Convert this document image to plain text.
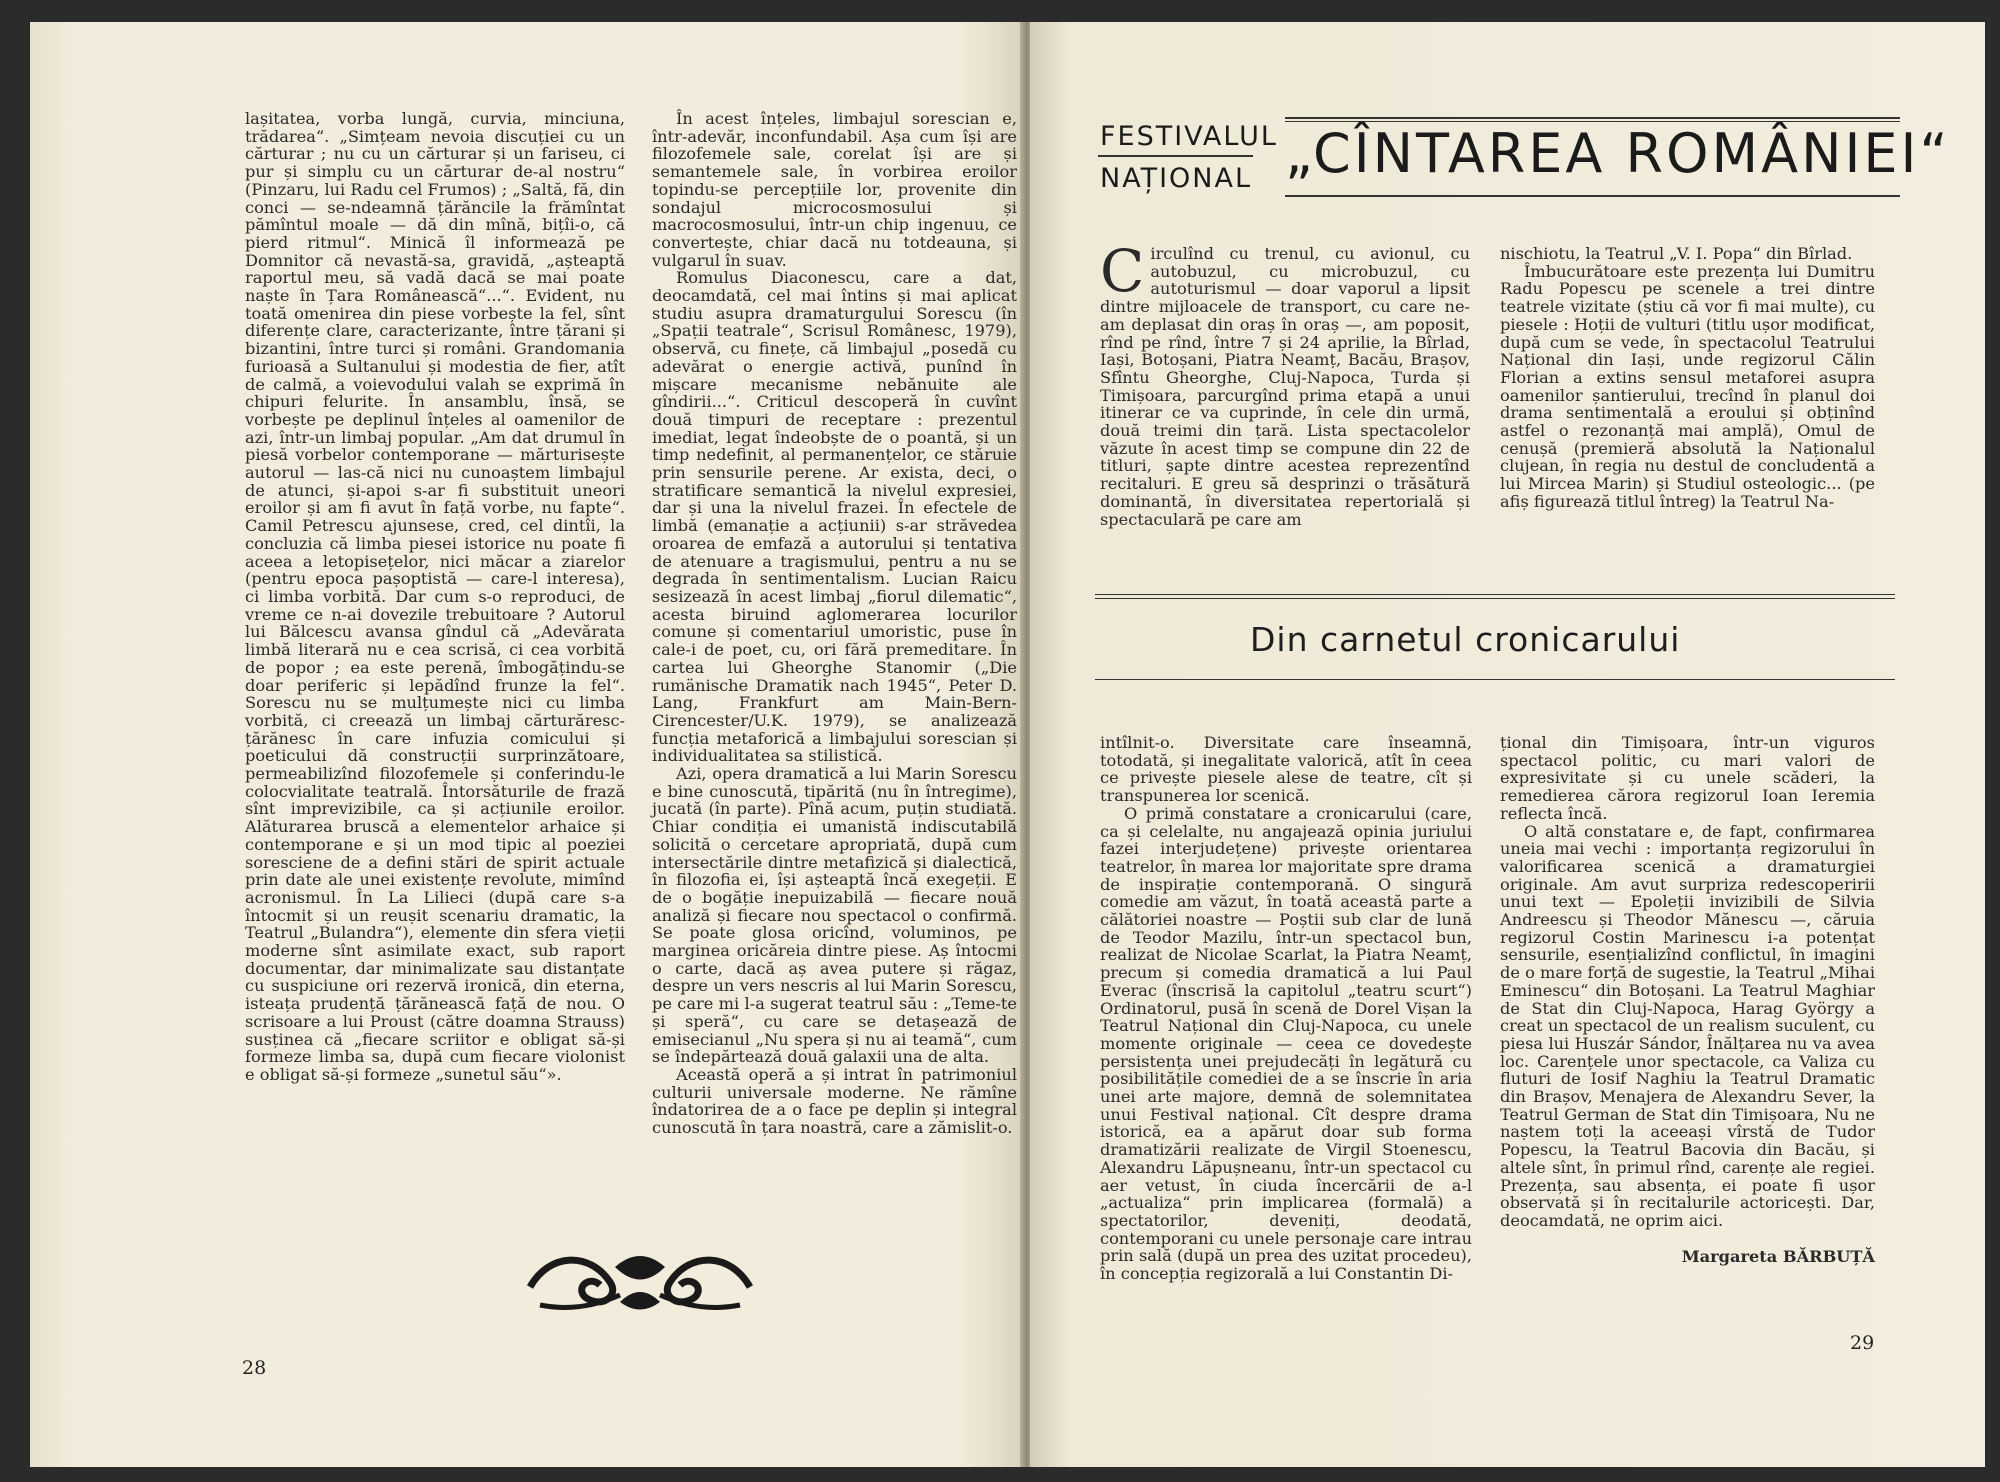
lașitatea, vorba lungă, curvia, minciuna, trădarea“. „Simțeam nevoia discuției cu un cărturar ; nu cu un cărturar și un fariseu, ci pur și simplu cu un cărturar de-al nostru“ (Pinzaru, lui Radu cel Frumos) ; „Saltă, fă, din conci — se-ndeamnă țărăncile la frămîntat pămîntul moale — dă din mînă, bițîi-o, că pierd ritmul“. Minică îl informează pe Domnitor că nevastă-sa, gravidă, „așteaptă raportul meu, să vadă dacă se mai poate naște în Țara Românească“...“. Evident, nu toată omenirea din piese vorbește la fel, sînt diferențe clare, caracterizante, între țărani și bizantini, între turci și români. Grandomania furioasă a Sultanului și modestia de fier, atît de calmă, a voievodului valah se exprimă în chipuri felurite. În ansamblu, însă, se vorbește pe deplinul înțeles al oamenilor de azi, într-un limbaj popular. „Am dat drumul în piesă vorbelor contemporane — mărturisește autorul — las-că nici nu cunoaștem limbajul de atunci, și-apoi s-ar fi substituit uneori eroilor și am fi avut în față vorbe, nu fapte“. Camil Petrescu ajunsese, cred, cel dintîi, la concluzia că limba piesei istorice nu poate fi aceea a letopisețelor, nici măcar a ziarelor (pentru epoca pașoptistă — care-l interesa), ci limba vorbită. Dar cum s-o reproduci, de vreme ce n-ai dovezile trebuitoare ? Autorul lui Bălcescu avansa gîndul că „Adevărata limbă literară nu e cea scrisă, ci cea vorbită de popor ; ea este perenă, îmbogățindu-se doar periferic și lepădînd frunze la fel“. Sorescu nu se mulțumește nici cu limba vorbită, ci creează un limbaj cărturăresc-țărănesc în care infuzia comicului și poeticului dă construcții surprinzătoare, permeabilizînd filozofemele și conferindu-le colocvialitate teatrală. Întorsăturile de frază sînt imprevizibile, ca și acțiunile eroilor. Alăturarea bruscă a elementelor arhaice și contemporane e și un mod tipic al poeziei soresciene de a defini stări de spirit actuale prin date ale unei existențe revolute, mimînd acronismul. În La Lilieci (după care s-a întocmit și un reușit scenariu dramatic, la Teatrul „Bulandra“), elemente din sfera vieții moderne sînt asimilate exact, sub raport documentar, dar minimalizate sau distanțate cu suspiciune ori rezervă ironică, din eterna, isteața prudență țărănească față de nou. O scrisoare a lui Proust (către doamna Strauss) susținea că „fiecare scriitor e obligat să-și formeze limba sa, după cum fiecare violonist e obligat să-și formeze „sunetul său“».

În acest înțeles, limbajul sorescian e, într-adevăr, inconfundabil. Așa cum își are filozofemele sale, corelat își are și semantemele sale, în vorbirea eroilor topindu-se percepțiile lor, provenite din sondajul microcosmosului și macrocosmosului, într-un chip ingenuu, ce convertește, chiar dacă nu totdeauna, și vulgarul în suav.

Romulus Diaconescu, care a dat, deocamdată, cel mai întins și mai aplicat studiu asupra dramaturgului Sorescu (în „Spații teatrale“, Scrisul Românesc, 1979), observă, cu finețe, că limbajul „posedă cu adevărat o energie activă, punînd în mișcare mecanisme nebănuite ale gîndirii...“. Criticul descoperă în cuvînt două timpuri de receptare : prezentul imediat, legat îndeobște de o poantă, și un timp nedefinit, al permanențelor, ce stăruie prin sensurile perene. Ar exista, deci, o stratificare semantică la nivelul expresiei, dar și una la nivelul frazei. În efectele de limbă (emanație a acțiunii) s-ar străvedea oroarea de emfază a autorului și tentativa de atenuare a tragismului, pentru a nu se degrada în sentimentalism. Lucian Raicu sesizează în acest limbaj „fiorul dilematic“, acesta biruind aglomerarea locurilor comune și comentariul umoristic, puse în cale-i de poet, cu, ori fără premeditare. În cartea lui Gheorghe Stanomir („Die rumänische Dramatik nach 1945“, Peter D. Lang, Frankfurt am Main-Bern-Cirencester/U.K. 1979), se analizează funcția metaforică a limbajului sorescian și individualitatea sa stilistică.

Azi, opera dramatică a lui Marin Sorescu e bine cunoscută, tipărită (nu în întregime), jucată (în parte). Pînă acum, puțin studiată. Chiar condiția ei umanistă indiscutabilă solicită o cercetare apropriată, după cum intersectările dintre metafizică și dialectică, în filozofia ei, își așteaptă încă exegeții. E de o bogăție inepuizabilă — fiecare nouă analiză și fiecare nou spectacol o confirmă. Se poate glosa oricînd, voluminos, pe marginea oricăreia dintre piese. Aș întocmi o carte, dacă aș avea putere și răgaz, despre un vers nescris al lui Marin Sorescu, pe care mi l-a sugerat teatrul său : „Teme-te și speră“, cu care se detașează de emisecianul „Nu spera și nu ai teamă“, cum se îndepărtează două galaxii una de alta.

Această operă a și intrat în patrimoniul culturii universale moderne. Ne rămîne îndatorirea de a o face pe deplin și integral cunoscută în țara noastră, care a zămislit-o.

28
FESTIVALUL
NAȚIONAL „CÎNTAREA ROMÂNIEI“

Circulînd cu trenul, cu avionul, cu autobuzul, cu microbuzul, cu autoturismul — doar vaporul a lipsit dintre mijloacele de transport, cu care ne-am deplasat din oraș în oraș —, am poposit, rînd pe rînd, între 7 și 24 aprilie, la Bîrlad, Iași, Botoșani, Piatra Neamț, Bacău, Brașov, Sfîntu Gheorghe, Cluj-Napoca, Turda și Timișoara, parcurgînd prima etapă a unui itinerar ce va cuprinde, în cele din urmă, două treimi din țară. Lista spectacolelor văzute în acest timp se compune din 22 de titluri, șapte dintre acestea reprezentînd recitaluri. E greu să desprinzi o trăsătură dominantă, în diversitatea repertorială și spectaculară pe care am

nischiotu, la Teatrul „V. I. Popa“ din Bîrlad.

Îmbucurătoare este prezența lui Dumitru Radu Popescu pe scenele a trei dintre teatrele vizitate (știu că vor fi mai multe), cu piesele : Hoții de vulturi (titlu ușor modificat, după cum se vede, în spectacolul Teatrului Național din Iași, unde regizorul Călin Florian a extins sensul metaforei asupra oamenilor șantierului, trecînd în planul doi drama sentimentală a eroului și obținînd astfel o rezonanță mai amplă), Omul de cenușă (premieră absolută la Naționalul clujean, în regia nu destul de concludentă a lui Mircea Marin) și Studiul osteologic... (pe afiș figurează titlul întreg) la Teatrul Na-

Din carnetul cronicarului

intîlnit-o. Diversitate care înseamnă, totodată, și inegalitate valorică, atît în ceea ce privește piesele alese de teatre, cît și transpunerea lor scenică.

O primă constatare a cronicarului (care, ca și celelalte, nu angajează opinia juriului fazei interjudețene) privește orientarea teatrelor, în marea lor majoritate spre drama de inspirație contemporană. O singură comedie am văzut, în toată această parte a călătoriei noastre — Poștii sub clar de lună de Teodor Mazilu, într-un spectacol bun, realizat de Nicolae Scarlat, la Piatra Neamț, precum și comedia dramatică a lui Paul Everac (înscrisă la capitolul „teatru scurt“) Ordinatorul, pusă în scenă de Dorel Vișan la Teatrul Național din Cluj-Napoca, cu unele momente originale — ceea ce dovedește persistența unei prejudecăți în legătură cu posibilitățile comediei de a se înscrie în aria unei arte majore, demnă de solemnitatea unui Festival național. Cît despre drama istorică, ea a apărut doar sub forma dramatizării realizate de Virgil Stoenescu, Alexandru Lăpușneanu, într-un spectacol cu aer vetust, în ciuda încercării de a-l „actualiza“ prin implicarea (formală) a spectatorilor, deveniți, deodată, contemporani cu unele personaje care intrau prin sală (după un prea des uzitat procedeu), în concepția regizorală a lui Constantin Di-

țional din Timișoara, într-un viguros spectacol politic, cu mari valori de expresivitate și cu unele scăderi, la remedierea cărora regizorul Ioan Ieremia reflecta încă.

O altă constatare e, de fapt, confirmarea uneia mai vechi : importanța regizorului în valorificarea scenică a dramaturgiei originale. Am avut surpriza redescoperirii unui text — Epoleții invizibili de Silvia Andreescu și Theodor Mănescu —, căruia regizorul Costin Marinescu i-a potențat sensurile, esențializînd conflictul, în imagini de o mare forță de sugestie, la Teatrul „Mihai Eminescu“ din Botoșani. La Teatrul Maghiar de Stat din Cluj-Napoca, Harag György a creat un spectacol de un realism suculent, cu piesa lui Huszár Sándor, Înălțarea nu va avea loc. Carențele unor spectacole, ca Valiza cu fluturi de Iosif Naghiu la Teatrul Dramatic din Brașov, Menajera de Alexandru Sever, la Teatrul German de Stat din Timișoara, Nu ne naștem toți la aceeași vîrstă de Tudor Popescu, la Teatrul Bacovia din Bacău, și altele sînt, în primul rînd, carențe ale regiei. Prezența, sau absența, ei poate fi ușor observată și în recitalurile actoricești. Dar, deocamdată, ne oprim aici.

Margareta BĂRBUȚĂ

29
